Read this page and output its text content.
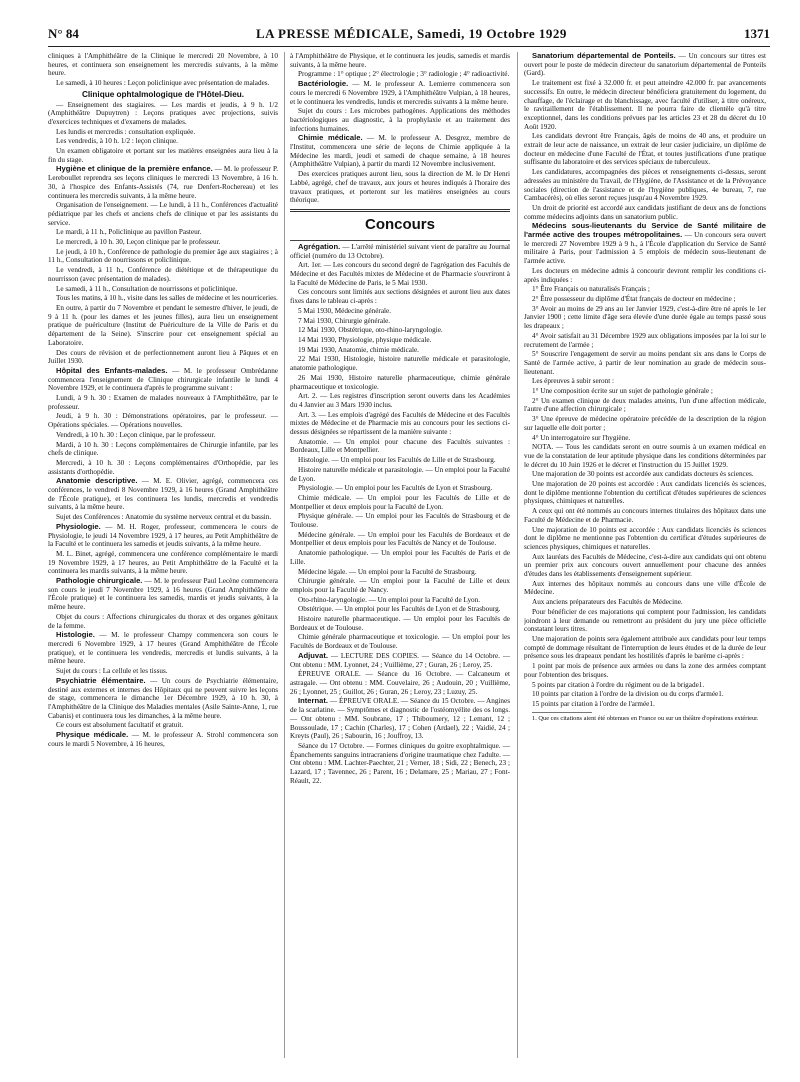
N° 84	LA PRESSE MÉDICALE, Samedi, 19 Octobre 1929	1371

cliniques à l'Amphithéâtre de la Clinique le mercredi 20 Novembre, à 10 heures, et continuera son enseignement les mercredis suivants, à la même heure.

Le samedi, à 10 heures : Leçon policlinique avec présentation de malades.

Clinique ophtalmologique de l'Hôtel-Dieu.

— Enseignement des stagiaires. — Les mardis et jeudis, à 9 h. 1/2 (Amphithéâtre Dupuytren) : Leçons pratiques avec projections, suivis d'exercices techniques et d'examens de malades.

Les lundis et mercredis : consultation expliquée.

Les vendredis, à 10 h. 1/2 : leçon clinique.

Un examen obligatoire et portant sur les matières enseignées aura lieu à la fin du stage.

Hygiène et clinique de la première enfance. — M. le professeur P. Lereboullet reprendra ses leçons cliniques le mercredi 13 Novembre, à 16 h. 30, à l'hospice des Enfants-Assistés (74, rue Denfert-Rochereau) et les continuera les mercredis suivants, à la même heure.

Organisation de l'enseignement. — Le lundi, à 11 h., Conférences d'actualité pédiatrique par les chefs et anciens chefs de clinique et par les assistants du service.

Le mardi, à 11 h., Policlinique au pavillon Pasteur.

Le mercredi, à 10 h. 30, Leçon clinique par le professeur.

Le jeudi, à 10 h., Conférence de pathologie du premier âge aux stagiaires ; à 11 h., Consultation de nourrissons et policlinique.

Le vendredi, à 11 h., Conférence de diététique et de thérapeutique du nourrisson (avec présentation de malades).

Le samedi, à 11 h., Consultation de nourrissons et policlinique.

Tous les matins, à 10 h., visite dans les salles de médecine et les nourriceries.

En outre, à partir du 7 Novembre et pendant le semestre d'hiver, le jeudi, de 9 à 11 h. (pour les dames et les jeunes filles), aura lieu un enseignement pratique de puériculture (Institut de Puériculture de la Ville de Paris et du département de la Seine). S'inscrire pour cet enseignement spécial au Laboratoire.

Des cours de révision et de perfectionnement auront lieu à Pâques et en Juillet 1930.

Hôpital des Enfants-malades. — M. le professeur Ombrédanne commencera l'enseignement de Clinique chirurgicale infantile le lundi 4 Novembre 1929, et le continuera d'après le programme suivant :

Lundi, à 9 h. 30 : Examen de malades nouveaux à l'Amphithéâtre, par le professeur.

Jeudi, à 9 h. 30 : Démonstrations opératoires, par le professeur. — Opérations spéciales. — Opérations nouvelles.

Vendredi, à 10 h. 30 : Leçon clinique, par le professeur.

Mardi, à 10 h. 30 : Leçons complémentaires de Chirurgie infantile, par les chefs de clinique.

Mercredi, à 10 h. 30 : Leçons complémentaires d'Orthopédie, par les assistants d'orthopédie.

Anatomie descriptive. — M. E. Olivier, agrégé, commencera ces conférences, le vendredi 8 Novembre 1929, à 16 heures (Grand Amphithéâtre de l'École pratique), et les continuera les lundis, mercredis et vendredis suivants, à la même heure.

Sujet des Conférences : Anatomie du système nerveux central et du bassin.

Physiologie. — M. H. Roger, professeur, commencera le cours de Physiologie, le jeudi 14 Novembre 1929, à 17 heures, au Petit Amphithéâtre de la Faculté et le continuera les samedis et jeudis suivants, à la même heure.

M. L. Binet, agrégé, commencera une conférence complémentaire le mardi 19 Novembre 1929, à 17 heures, au Petit Amphithéâtre de la Faculté et la continuera les mardis suivants, à la même heure.

Pathologie chirurgicale. — M. le professeur Paul Lecène commencera son cours le jeudi 7 Novembre 1929, à 16 heures (Grand Amphithéâtre de l'École pratique) et le continuera les samedis, mardis et jeudis suivants, à la même heure.

Objet du cours : Affections chirurgicales du thorax et des organes génitaux de la femme.

Histologie. — M. le professeur Champy commencera son cours le mercredi 6 Novembre 1929, à 17 heures (Grand Amphithéâtre de l'École pratique), et le continuera les vendredis, mercredis et lundis suivants, à la même heure.

Sujet du cours : La cellule et les tissus.

Psychiatrie élémentaire. — Un cours de Psychiatrie élémentaire, destiné aux externes et internes des Hôpitaux qui ne peuvent suivre les leçons de stage, commencera le dimanche 1er Décembre 1929, à 10 h. 30, à l'Amphithéâtre de la Clinique des Maladies mentales (Asile Sainte-Anne, 1, rue Cabanis) et continuera tous les dimanches, à la même heure.

Ce cours est absolument facultatif et gratuit.

Physique médicale. — M. le professeur A. Strohl commencera son cours le mardi 5 Novembre, à 16 heures,

à l'Amphithéâtre de Physique, et le continuera les jeudis, samedis et mardis suivants, à la même heure.

Programme : 1° optique ; 2° électrologie ; 3° radiologie ; 4° radioactivité.

Bactériologie. — M. le professeur A. Lemierre commencera son cours le mercredi 6 Novembre 1929, à l'Amphithéâtre Vulpian, à 18 heures, et le continuera les vendredis, lundis et mercredis suivants à la même heure.

Sujet du cours : Les microbes pathogènes. Applications des méthodes bactériologiques au diagnostic, à la prophylaxie et au traitement des infections humaines.

Chimie médicale. — M. le professeur A. Desgrez, membre de l'Institut, commencera une série de leçons de Chimie appliquée à la Médecine les mardi, jeudi et samedi de chaque semaine, à 18 heures (Amphithéâtre Vulpian), à partir du mardi 12 Novembre inclusivement.

Des exercices pratiques auront lieu, sous la direction de M. le Dr Henri Labbé, agrégé, chef de travaux, aux jours et heures indiqués à l'horaire des travaux pratiques, et porteront sur les matières enseignées au cours théorique.

Concours

Agrégation. — L'arrêté ministériel suivant vient de paraître au Journal officiel (numéro du 13 Octobre).

Art. 1er. — Les concours du second degré de l'agrégation des Facultés de Médecine et des Facultés mixtes de Médecine et de Pharmacie s'ouvriront à la Faculté de Médecine de Paris, le 5 Mai 1930.

Ces concours sont limités aux sections désignées et auront lieu aux dates fixes dans le tableau ci-après :

5 Mai 1930, Médecine générale.

7 Mai 1930, Chirurgie générale.

12 Mai 1930, Obstétrique, oto-rhino-laryngologie.

14 Mai 1930, Physiologie, physique médicale.

19 Mai 1930, Anatomie, chimie médicale.

22 Mai 1930, Histologie, histoire naturelle médicale et parasitologie, anatomie pathologique.

26 Mai 1930, Histoire naturelle pharmaceutique, chimie générale pharmaceutique et toxicologie.

Art. 2. — Les registres d'inscription seront ouverts dans les Académies du 4 Janvier au 3 Mars 1930 inclus.

Art. 3. — Les emplois d'agrégé des Facultés de Médecine et des Facultés mixtes de Médecine et de Pharmacie mis au concours pour les sections ci-dessus désignées se répartissent de la manière suivante :

Anatomie. — Un emploi pour chacune des Facultés suivantes : Bordeaux, Lille et Montpellier.

Histologie. — Un emploi pour les Facultés de Lille et de Strasbourg.

Histoire naturelle médicale et parasitologie. — Un emploi pour la Faculté de Lyon.

Physiologie. — Un emploi pour les Facultés de Lyon et Strasbourg.

Chimie médicale. — Un emploi pour les Facultés de Lille et de Montpellier et deux emplois pour la Faculté de Lyon.

Physique générale. — Un emploi pour les Facultés de Strasbourg et de Toulouse.

Médecine générale. — Un emploi pour les Facultés de Bordeaux et de Montpellier et deux emplois pour les Facultés de Nancy et de Toulouse.

Anatomie pathologique. — Un emploi pour les Facultés de Paris et de Lille.

Médecine légale. — Un emploi pour la Faculté de Strasbourg.

Chirurgie générale. — Un emploi pour la Faculté de Lille et deux emplois pour la Faculté de Nancy.

Oto-rhino-laryngologie. — Un emploi pour la Faculté de Lyon.

Obstétrique. — Un emploi pour les Facultés de Lyon et de Strasbourg.

Histoire naturelle pharmaceutique. — Un emploi pour les Facultés de Bordeaux et de Toulouse.

Chimie générale pharmaceutique et toxicologie. — Un emploi pour les Facultés de Bordeaux et de Toulouse.

Adjuvat. — LECTURE DES COPIES. — Séance du 14 Octobre. — Ont obtenu : MM. Lyonnet, 24 ; Vuillième, 27 ; Guran, 26 ; Leroy, 25.

ÉPREUVE ORALE. — Séance du 16 Octobre. — Calcaneum et astragale. — Ont obtenu : MM. Couvelaire, 26 ; Audouin, 20 ; Vuillième, 26 ; Lyonnet, 25 ; Guillot, 26 ; Guran, 26 ; Leroy, 23 ; Luzuy, 25.

Internat. — ÉPREUVE ORALE. — Séance du 15 Octobre. — Angines de la scarlatine. — Symptômes et diagnostic de l'ostéomyélite des os longs. — Ont obtenu : MM. Soubrane, 17 ; Thiboumery, 12 ; Lemant, 12 ; Boussoulade, 17 ; Cachin (Charles), 17 ; Cohen (Ardael), 22 ; Vaidié, 24 ; Kreyts (Paul), 26 ; Sabourin, 16 ; Jouffroy, 13.

Séance du 17 Octobre. — Formes cliniques du goitre exophtalmique. — Épanchements sanguins intracraniens d'origine traumatique chez l'adulte. — Ont obtenu : MM. Lachter-Paechter, 21 ; Verner, 18 ; Sidi, 22 ; Benech, 23 ; Lazard, 17 ; Tavennec, 26 ; Parent, 16 ; Delamare, 25 ; Mariau, 27 ; Font-Réault, 22.

Sanatorium départemental de Ponteils. — Un concours sur titres est ouvert pour le poste de médecin directeur du sanatorium départemental de Ponteils (Gard).

Le traitement est fixé à 32.000 fr. et peut atteindre 42.000 fr. par avancements successifs. En outre, le médecin directeur bénéficiera gratuitement du logement, du chauffage, de l'éclairage et du blanchissage, avec faculté d'utiliser, à titre onéreux, le ravitaillement de l'établissement. Il ne pourra faire de clientèle qu'à titre exceptionnel, dans les conditions prévues par les articles 23 et 28 du décret du 10 Août 1920.

Les candidats devront être Français, âgés de moins de 40 ans, et produire un extrait de leur acte de naissance, un extrait de leur casier judiciaire, un diplôme de docteur en médecine d'une Faculté de l'État, et toutes justifications d'une pratique suffisante du laboratoire et des services spéciaux de tuberculeux.

Les candidatures, accompagnées des pièces et renseignements ci-dessus, seront adressées au ministère du Travail, de l'Hygiène, de l'Assistance et de la Prévoyance sociales (direction de l'assistance et de l'hygiène publiques, 4e bureau, 7, rue Cambacérès), où elles seront reçues jusqu'au 4 Novembre 1929.

Un droit de priorité est accordé aux candidats justifiant de deux ans de fonctions comme médecins adjoints dans un sanatorium public.

Médecins sous-lieutenants du Service de Santé militaire de l'armée active des troupes métropolitaines. — Un concours sera ouvert le mercredi 27 Novembre 1929 à 9 h., à l'École d'application du Service de Santé militaire à Paris, pour l'admission à 5 emplois de médecin sous-lieutenant de l'armée active.

Les docteurs en médecine admis à concourir devront remplir les conditions ci-après indiquées :

1° Être Français ou naturalisés Français ;

2° Être possesseur du diplôme d'État français de docteur en médecine ;

3° Avoir au moins de 29 ans au 1er Janvier 1929, c'est-à-dire être né après le 1er Janvier 1900 ; cette limite d'âge sera élevée d'une durée égale au temps passé sous les drapeaux ;

4° Avoir satisfait au 31 Décembre 1929 aux obligations imposées par la loi sur le recrutement de l'armée ;

5° Souscrire l'engagement de servir au moins pendant six ans dans le Corps de Santé de l'armée active, à partir de leur nomination au grade de médecin sous-lieutenant.

Les épreuves à subir seront :

1° Une composition écrite sur un sujet de pathologie générale ;

2° Un examen clinique de deux malades atteints, l'un d'une affection médicale, l'autre d'une affection chirurgicale ;

3° Une épreuve de médecine opératoire précédée de la description de la région sur laquelle elle doit porter ;

4° Un interrogatoire sur l'hygiène.

NOTA. — Tous les candidats seront en outre soumis à un examen médical en vue de la constatation de leur aptitude physique dans les conditions déterminées par le décret du 10 Juin 1926 et le décret et l'instruction du 15 Juillet 1929.

Une majoration de 30 points est accordée aux candidats docteurs ès sciences.

Une majoration de 20 points est accordée : Aux candidats licenciés ès sciences, dont le diplôme mentionne l'obtention du certificat d'études supérieures de sciences physiques, chimiques et naturelles.

A ceux qui ont été nommés au concours internes titulaires des hôpitaux dans une Faculté de Médecine et de Pharmacie.

Une majoration de 10 points est accordée : Aux candidats licenciés ès sciences dont le diplôme ne mentionne pas l'obtention du certificat d'études supérieures de sciences physiques, chimiques et naturelles.

Aux lauréats des Facultés de Médecine, c'est-à-dire aux candidats qui ont obtenu un premier prix aux concours ouvert annuellement pour chacune des années d'études dans les établissements d'enseignement supérieur.

Aux internes des hôpitaux nommés au concours dans une ville d'École de Médecine.

Aux anciens préparateurs des Facultés de Médecine.

Pour bénéficier de ces majorations qui comptent pour l'admission, les candidats joindront à leur demande ou remettront au président du jury une pièce officielle constatant leurs titres.

Une majoration de points sera également attribuée aux candidats pour leur temps compté de dommage résultant de l'interruption de leurs études et de la durée de leur présence sous les drapeaux pendant les hostilités d'après le barème ci-après :

1 point par mois de présence aux armées ou dans la zone des armées comptant pour l'obtention des brisques.

5 points par citation à l'ordre du régiment ou de la brigade1.

10 points par citation à l'ordre de la division ou du corps d'armée1.

15 points par citation à l'ordre de l'armée1.

1. Que ces citations aient été obtenues en France ou sur un théâtre d'opérations extérieur.
